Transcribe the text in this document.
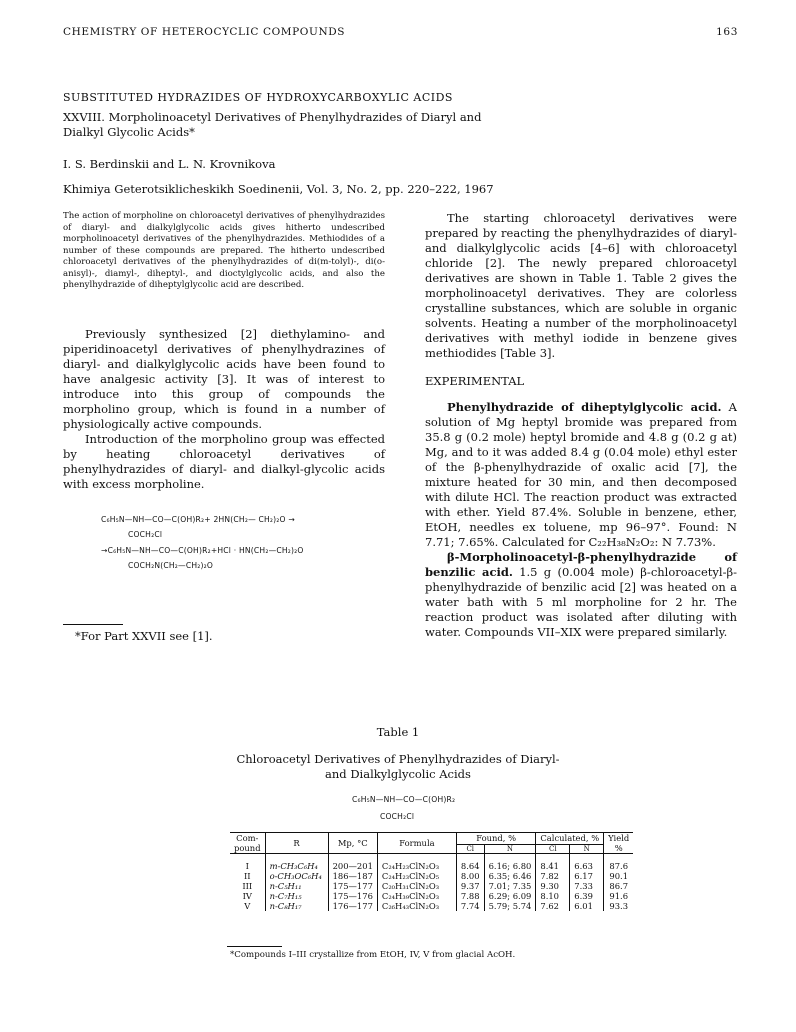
CHEMISTRY OF HETEROCYCLIC COMPOUNDS	163
SUBSTITUTED HYDRAZIDES OF HYDROXYCARBOXYLIC ACIDS
XXVIII. Morpholinoacetyl Derivatives of Phenylhydrazides of Diaryl and
Dialkyl Glycolic Acids*
I. S. Berdinskii and L. N. Krovnikova
Khimiya Geterotsiklicheskikh Soedinenii, Vol. 3, No. 2, pp. 220–222, 1967
The action of morpholine on chloroacetyl derivatives of phenylhydrazides of diaryl- and dialkylglycolic acids gives hitherto undescribed morpholinoacetyl derivatives of the phenylhydrazides. Methiodides of a number of these compounds are prepared. The hitherto undescribed chloroacetyl derivatives of the phenylhydrazides of di(m-tolyl)-, di(o-anisyl)-, diamyl-, diheptyl-, and dioctylglycolic acids, and also the phenylhydrazide of diheptylglycolic acid are described.

Previously synthesized [2] diethylamino- and piperidinoacetyl derivatives of phenylhydrazines of diaryl- and dialkylglycolic acids have been found to have analgesic activity [3]. It was of interest to introduce into this group of compounds the morpholino group, which is found in a number of physiologically active compounds.

Introduction of the morpholino group was effected by heating chloroacetyl derivatives of phenylhydrazides of diaryl- and dialkyl-glycolic acids with excess morpholine.

C₆H₅N—NH—CO—C(OH)R₂+ 2HN(CH₂— CH₂)₂O →
COCH₂Cl
→C₆H₅N—NH—CO—C(OH)R₂+HCl · HN(CH₂—CH₂)₂O
COCH₂N(CH₂—CH₂)₂O
*For Part XXVII see [1].

The starting chloroacetyl derivatives were prepared by reacting the phenylhydrazides of diaryl- and dialkylglycolic acids [4–6] with chloroacetyl chloride [2]. The newly prepared chloroacetyl derivatives are shown in Table 1. Table 2 gives the morpholinoacetyl derivatives. They are colorless crystalline substances, which are soluble in organic solvents. Heating a number of the morpholinoacetyl derivatives with methyl iodide in benzene gives methiodides [Table 3].

EXPERIMENTAL

Phenylhydrazide of diheptylglycolic acid. A solution of Mg heptyl bromide was prepared from 35.8 g (0.2 mole) heptyl bromide and 4.8 g (0.2 g at) Mg, and to it was added 8.4 g (0.04 mole) ethyl ester of the β-phenylhydrazide of oxalic acid [7], the mixture heated for 30 min, and then decomposed with dilute HCl. The reaction product was extracted with ether. Yield 87.4%. Soluble in benzene, ether, EtOH, needles ex toluene, mp 96–97°. Found: N 7.71; 7.65%. Calculated for C₂₂H₃₈N₂O₂: N 7.73%.

β-Morpholinoacetyl-β-phenylhydrazide of benzilic acid. 1.5 g (0.004 mole) β-chloroacetyl-β-phenylhydrazide of benzilic acid [2] was heated on a water bath with 5 ml morpholine for 2 hr. The reaction product was isolated after diluting with water. Compounds VII–XIX were prepared similarly.

Table 1
Chloroacetyl Derivatives of Phenylhydrazides of Diaryl-
and Dialkylglycolic Acids
C₆H₅N—NH—CO—C(OH)R₂
COCH₂Cl
Com-
pound	R	Mp, °C	Formula	Found, %		Calculated, %		Yield
%
				Cl	N	Cl	N	

I	m-CH₃C₆H₄	200—201	C₂₄H₂₃ClN₂O₃	8.64	6.16; 6.80	8.41	6.63	87.6
II	o-CH₃OC₆H₄	186—187	C₂₄H₂₃ClN₂O₅	8.00	6.35; 6.46	7.82	6.17	90.1
III	n-C₅H₁₁	175—177	C₂₀H₃₁ClN₂O₃	9.37	7.01; 7.35	9.30	7.33	86.7
IV	n-C₇H₁₅	175—176	C₂₄H₃₉ClN₂O₃	7.88	6.29; 6.09	8.10	6.39	91.6
V	n-C₈H₁₇	176—177	C₂₆H₄₃ClN₂O₃	7.74	5.79; 5.74	7.62	6.01	93.3
*Compounds I–III crystallize from EtOH, IV, V from glacial AcOH.
